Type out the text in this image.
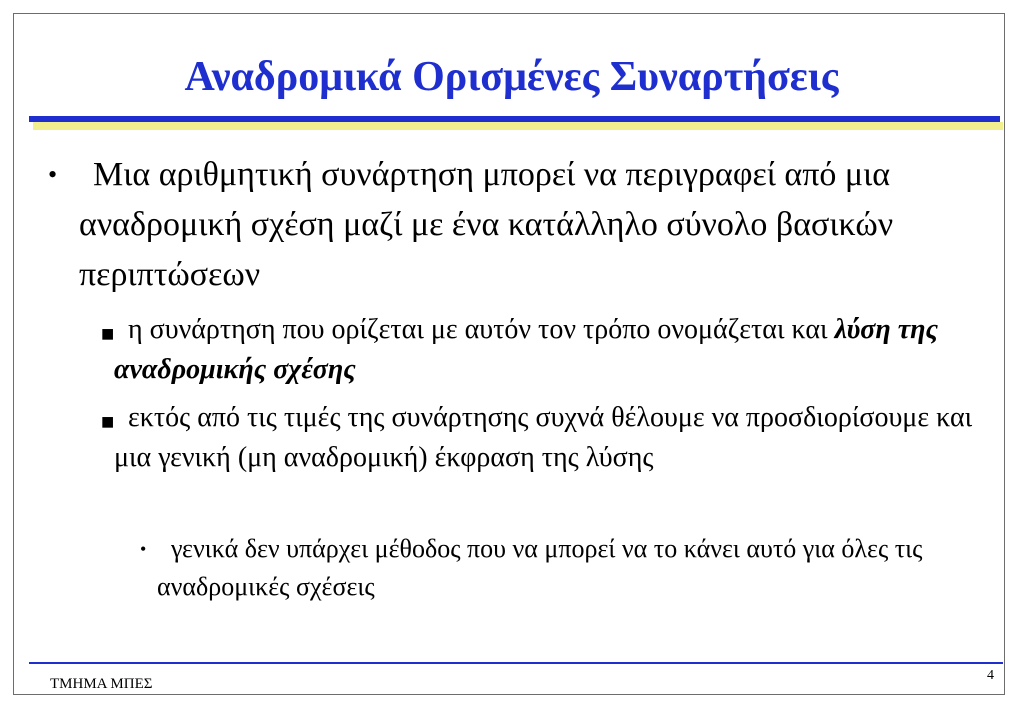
Αναδρομικά Ορισμένες Συναρτήσεις
•	Μια αριθμητική συνάρτηση μπορεί να περιγραφεί από μια αναδρομική σχέση μαζί με ένα κατάλληλο σύνολο βασικών περιπτώσεων
■ η συνάρτηση που ορίζεται με αυτόν τον τρόπο ονομάζεται και λύση της αναδρομικής σχέσης
■ εκτός από τις τιμές της συνάρτησης συχνά θέλουμε να προσδιορίσουμε και μια γενική (μη αναδρομική) έκφραση της λύσης
• γενικά δεν υπάρχει μέθοδος που να μπορεί να το κάνει αυτό για όλες τις αναδρομικές σχέσεις
ΤΜΗΜΑ ΜΠΕΣ
4
